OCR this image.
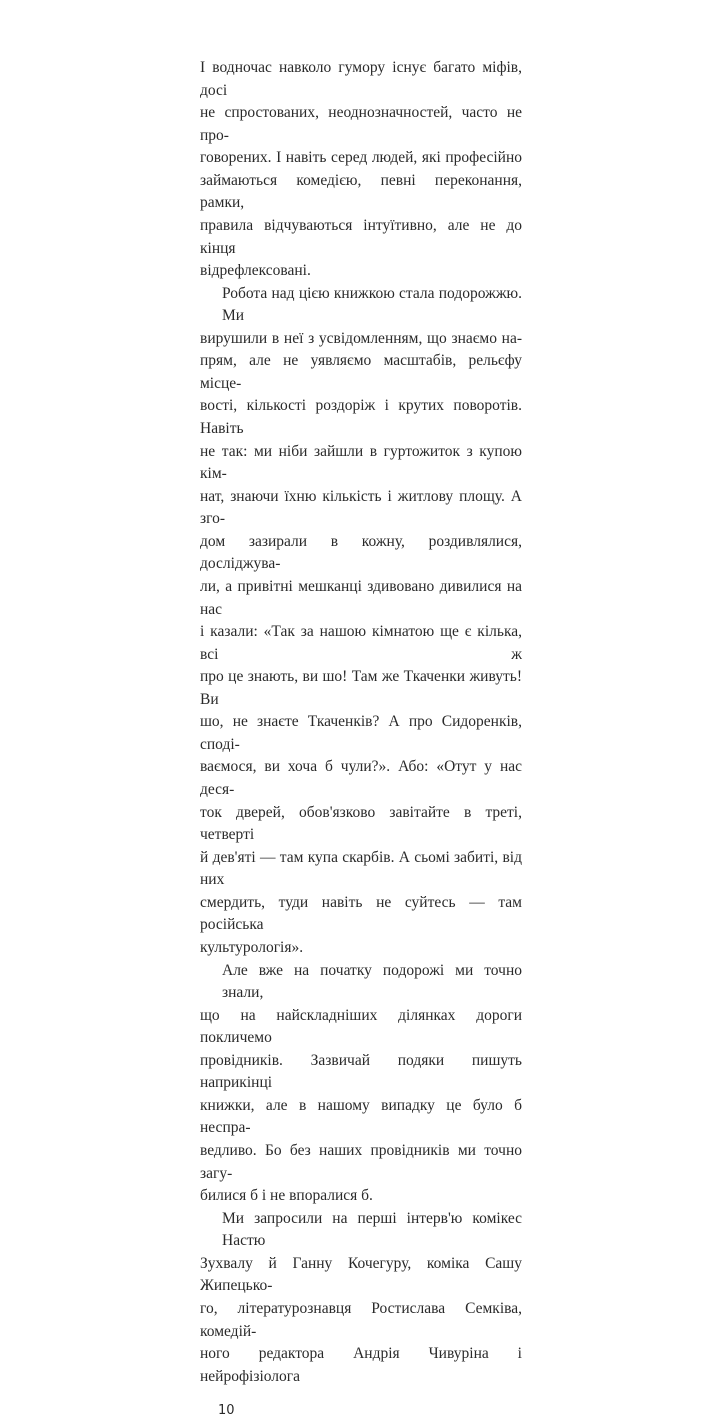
І водночас навколо гумору існує багато міфів, досі
не спростованих, неоднозначностей, часто не про-
говорених. І навіть серед людей, які професійно
займаються комедією, певні переконання, рамки,
правила відчуваються інтуїтивно, але не до кінця
відрефлексовані.
Робота над цією книжкою стала подорожжю. Ми
вирушили в неї з усвідомленням, що знаємо на-
прям, але не уявляємо масштабів, рельєфу місце-
вості, кількості роздоріж і крутих поворотів. Навіть
не так: ми ніби зайшли в гуртожиток з купою кім-
нат, знаючи їхню кількість і житлову площу. А зго-
дом зазирали в кожну, роздивлялися, досліджува-
ли, а привітні мешканці здивовано дивилися на нас
і казали: «Так за нашою кімнатою ще є кілька, всі ж
про це знають, ви шо! Там же Ткаченки живуть! Ви
шо, не знаєте Ткаченків? А про Сидоренків, споді-
ваємося, ви хоча б чули?». Або: «Отут у нас деся-
ток дверей, обов'язково завітайте в треті, четверті
й дев'яті — там купа скарбів. А сьомі забиті, від них
смердить, туди навіть не суйтесь — там російська
культурологія».
Але вже на початку подорожі ми точно знали,
що на найскладніших ділянках дороги покличемо
провідників. Зазвичай подяки пишуть наприкінці
книжки, але в нашому випадку це було б неспра-
ведливо. Бо без наших провідників ми точно загу-
билися б і не впоралися б.
Ми запросили на перші інтерв'ю комікес Настю
Зухвалу й Ганну Кочегуру, коміка Сашу Жипецько-
го, літературознавця Ростислава Семківа, комедій-
ного редактора Андрія Чивуріна і нейрофізіолога
10
